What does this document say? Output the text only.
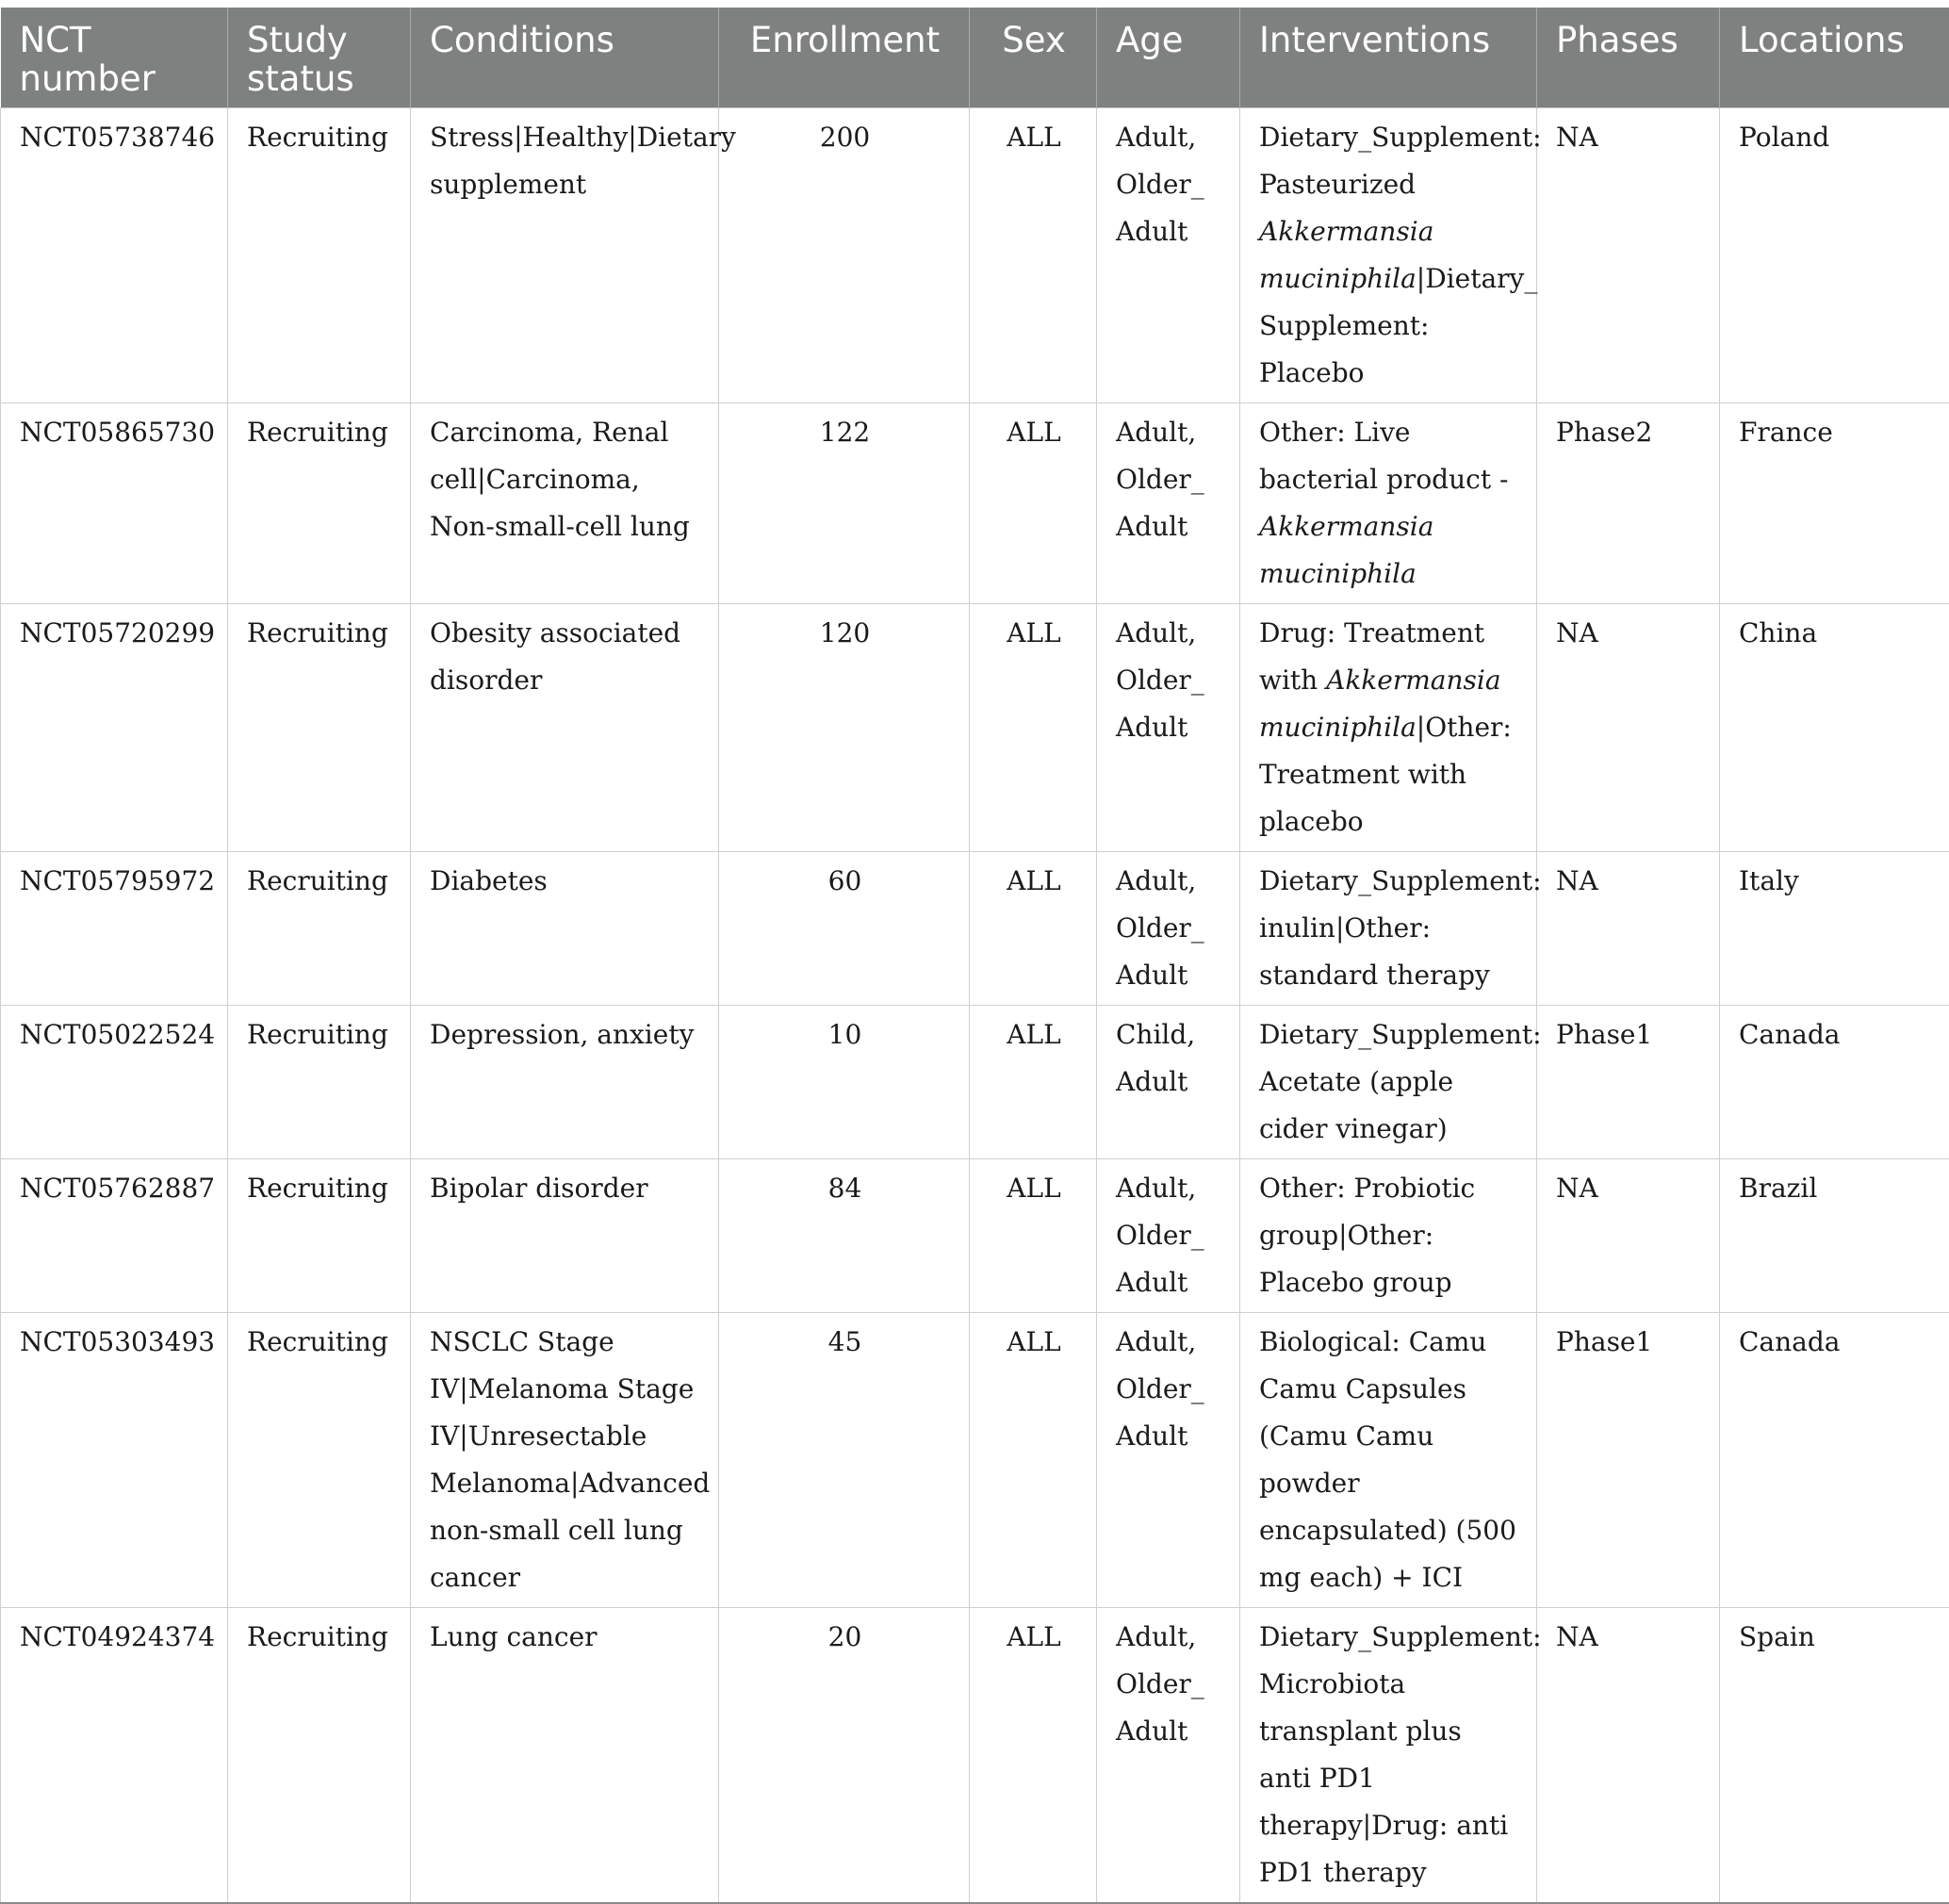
NCT number	Study status	Conditions	Enrollment	Sex	Age	Interventions	Phases	Locations
NCT05738746	Recruiting	Stress|Healthy|Dietary supplement	200	ALL	Adult, Older_ Adult	Dietary_Supplement: Pasteurized Akkermansia muciniphila|Dietary_ Supplement: Placebo	NA	Poland
NCT05865730	Recruiting	Carcinoma, Renal cell|Carcinoma, Non-small-cell lung	122	ALL	Adult, Older_ Adult	Other: Live bacterial product - Akkermansia muciniphila	Phase2	France
NCT05720299	Recruiting	Obesity associated disorder	120	ALL	Adult, Older_ Adult	Drug: Treatment with Akkermansia muciniphila|Other: Treatment with placebo	NA	China
NCT05795972	Recruiting	Diabetes	60	ALL	Adult, Older_ Adult	Dietary_Supplement: inulin|Other: standard therapy	NA	Italy
NCT05022524	Recruiting	Depression, anxiety	10	ALL	Child, Adult	Dietary_Supplement: Acetate (apple cider vinegar)	Phase1	Canada
NCT05762887	Recruiting	Bipolar disorder	84	ALL	Adult, Older_ Adult	Other: Probiotic group|Other: Placebo group	NA	Brazil
NCT05303493	Recruiting	NSCLC Stage IV|Melanoma Stage IV|Unresectable Melanoma|Advanced non-small cell lung cancer	45	ALL	Adult, Older_ Adult	Biological: Camu Camu Capsules (Camu Camu powder encapsulated) (500 mg each) + ICI	Phase1	Canada
NCT04924374	Recruiting	Lung cancer	20	ALL	Adult, Older_ Adult	Dietary_Supplement: Microbiota transplant plus anti PD1 therapy|Drug: anti PD1 therapy	NA	Spain
